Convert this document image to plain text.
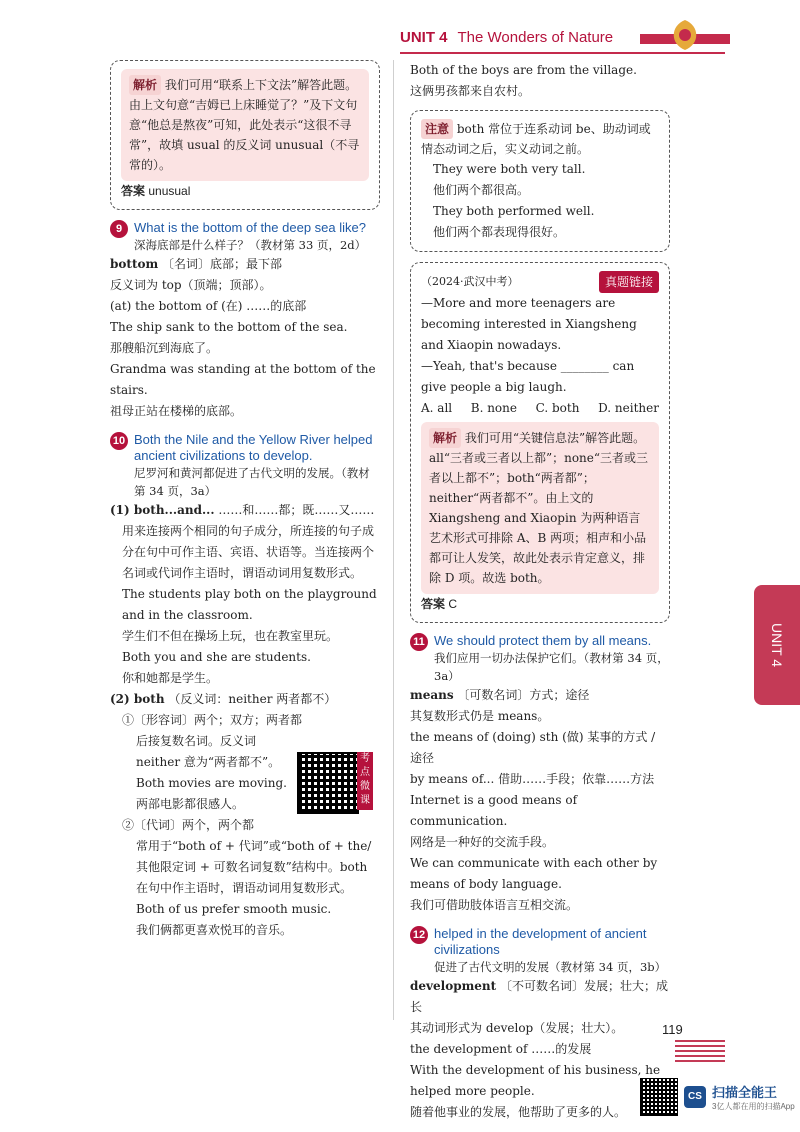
UNIT 4 The Wonders of Nature
解析 我们可用“联系上下文法”解答此题。由上文句意“吉姆已上床睡觉了？”及下文句意“他总是熬夜”可知，此处表示“这很不寻常”，故填 usual 的反义词 unusual（不寻常的）。
答案 unusual
9 What is the bottom of the deep sea like?
深海底部是什么样子？（教材第 33 页，2d）
bottom 〔名词〕底部；最下部
反义词为 top（顶端；顶部）。
(at) the bottom of (在) ……的底部
The ship sank to the bottom of the sea.
那艘船沉到海底了。
Grandma was standing at the bottom of the stairs.
祖母正站在楼梯的底部。
10 Both the Nile and the Yellow River helped ancient civilizations to develop.
尼罗河和黄河都促进了古代文明的发展。（教材第 34 页，3a）
(1) both...and... ……和……都；既……又……
用来连接两个相同的句子成分，所连接的句子成分在句中可作主语、宾语、状语等。当连接两个名词或代词作主语时，谓语动词用复数形式。
The students play both on the playground and in the classroom.
学生们不但在操场上玩，也在教室里玩。
Both you and she are students.
你和她都是学生。
(2) both （反义词：neither 两者都不）
①〔形容词〕两个；双方；两者都
后接复数名词。反义词 neither 意为“两者都不”。
Both movies are moving.
两部电影都很感人。
②〔代词〕两个，两个都
常用于“both of + 代词”或“both of + the/其他限定词 + 可数名词复数”结构中。both 在句中作主语时，谓语动词用复数形式。
Both of us prefer smooth music.
我们俩都更喜欢悦耳的音乐。
考点微课
Both of the boys are from the village.
这俩男孩都来自农村。
注意 both 常位于连系动词 be、助动词或情态动词之后，实义动词之前。
They were both very tall.
他们两个都很高。
They both performed well.
他们两个都表现得很好。
（2024·武汉中考）	真题链接
—More and more teenagers are becoming interested in Xiangsheng and Xiaopin nowadays.
—Yeah, that's because ________ can give people a big laugh.
A. all B. none C. both D. neither
解析 我们可用“关键信息法”解答此题。all“三者或三者以上都”；none“三者或三者以上都不”；both“两者都”；neither“两者都不”。由上文的 Xiangsheng and Xiaopin 为两种语言艺术形式可排除 A、B 两项；相声和小品都可让人发笑，故此处表示肯定意义，排除 D 项。故选 both。
答案 C
11 We should protect them by all means.
我们应用一切办法保护它们。（教材第 34 页，3a）
means 〔可数名词〕方式；途径
其复数形式仍是 means。
the means of (doing) sth (做) 某事的方式 / 途径
by means of... 借助……手段；依靠……方法
Internet is a good means of communication.
网络是一种好的交流手段。
We can communicate with each other by means of body language.
我们可借助肢体语言互相交流。
12 helped in the development of ancient civilizations
促进了古代文明的发展（教材第 34 页，3b）
development 〔不可数名词〕发展；壮大；成长
其动词形式为 develop（发展；壮大）。
the development of ……的发展
With the development of his business, he helped more people.
随着他事业的发展，他帮助了更多的人。
UNIT 4
119
CS 扫描全能王
3亿人都在用的扫描App
